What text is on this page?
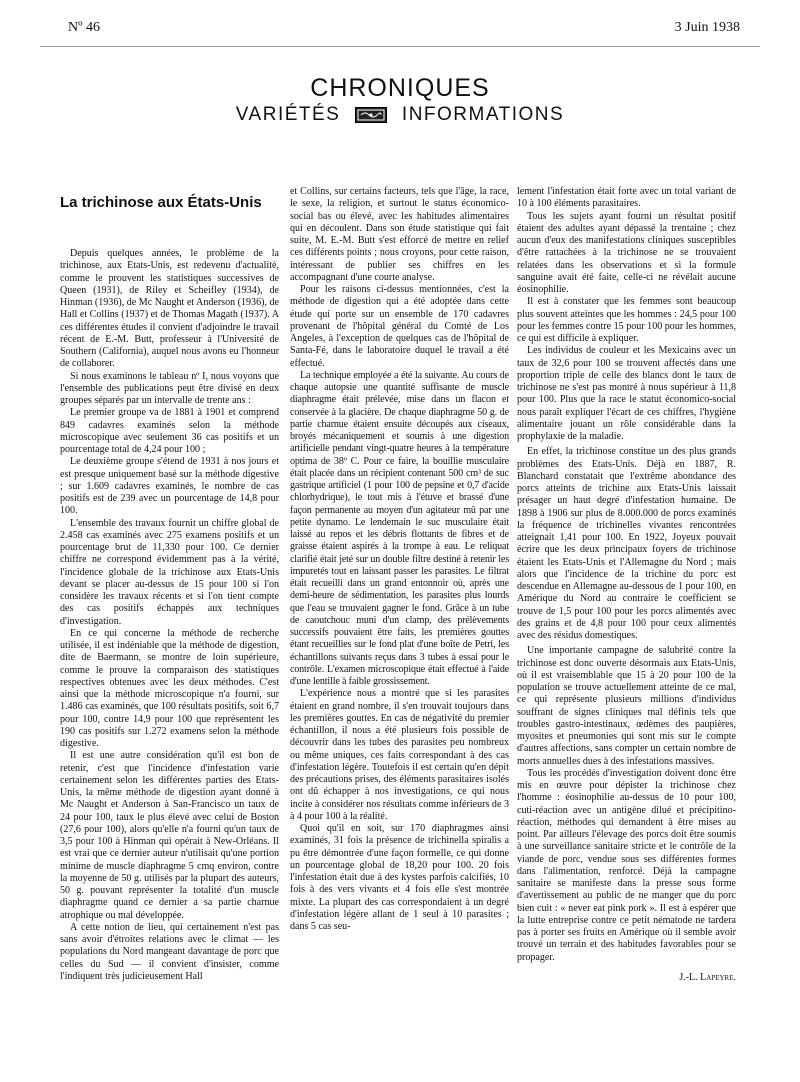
Nº 46	3 Juin 1938
CHRONIQUES
VARIÉTÉS	INFORMATIONS
La trichinose aux États-Unis

Depuis quelques années, le problème de la trichinose, aux Etats-Unis, est redevenu d'actualité, comme le prouvent les statistiques successives de Queen (1931), de Riley et Scheifley (1934), de Hinman (1936), de Mc Naught et Anderson (1936), de Hall et Collins (1937) et de Thomas Magath (1937). A ces différentes études il convient d'adjoindre le travail récent de E.-M. Butt, professeur à l'Université de Southern (California), auquel nous avons eu l'honneur de collaborer.

Si nous examinons le tableau nº I, nous voyons que l'ensemble des publications peut être divisé en deux groupes séparés par un intervalle de trente ans :

Le premier groupe va de 1881 à 1901 et comprend 849 cadavres examinés selon la méthode microscopique avec seulement 36 cas positifs et un pourcentage total de 4,24 pour 100 ;

Le deuxième groupe s'étend de 1931 à nos jours et est presque uniquement basé sur la méthode digestive ; sur 1.609 cadavres examinés, le nombre de cas positifs est de 239 avec un pourcentage de 14,8 pour 100.

L'ensemble des travaux fournit un chiffre global de 2.458 cas examinés avec 275 examens positifs et un pourcentage brut de 11,330 pour 100. Ce dernier chiffre ne correspond évidemment pas à la vérité, l'incidence globale de la trichinose aux Etats-Unis devant se placer au-dessus de 15 pour 100 si l'on considère les travaux récents et si l'on tient compte des cas positifs échappés aux techniques d'investigation.

En ce qui concerne la méthode de recherche utilisée, il est indéniable que la méthode de digestion, dite de Baermann, se montre de loin supérieure, comme le prouve la comparaison des statistiques respectives obtenues avec les deux méthodes. C'est ainsi que la méthode microscopique n'a fourni, sur 1.486 cas examinés, que 100 résultats positifs, soit 6,7 pour 100, contre 14,9 pour 100 que représentent les 190 cas positifs sur 1.272 examens selon la méthode digestive.

Il est une autre considération qu'il est bon de retenir, c'est que l'incidence d'infestation varie certainement selon les différentes parties des Etats-Unis, la même méthode de digestion ayant donné à Mc Naught et Anderson à San-Francisco un taux de 24 pour 100, taux le plus élevé avec celui de Boston (27,6 pour 100), alors qu'elle n'a fourni qu'un taux de 3,5 pour 100 à Hinman qui opérait à New-Orléans. Il est vrai que ce dernier auteur n'utilisait qu'une portion minime de muscle diaphragme 5 cmq environ, contre la moyenne de 50 g. utilisés par la plupart des auteurs, 50 g. pouvant représenter la totalité d'un muscle diaphragme quand ce dernier a sa partie charnue atrophique ou mal développée.

A cette notion de lieu, qui certainement n'est pas sans avoir d'étroites relations avec le climat — les populations du Nord mangeant davantage de porc que celles du Sud — il convient d'insister, comme l'indiquent très judicieusement Hall

et Collins, sur certains facteurs, tels que l'âge, la race, le sexe, la religion, et surtout le status économico-social bas ou élevé, avec les habitudes alimentaires qui en découlent. Dans son étude statistique qui fait suite, M. E.-M. Butt s'est efforcé de mettre en relief ces différents points ; nous croyons, pour cette raison, intéressant de publier ses chiffres en les accompagnant d'une courte analyse.

Pour les raisons ci-dessus mentionnées, c'est la méthode de digestion qui a été adoptée dans cette étude qui porte sur un ensemble de 170 cadavres provenant de l'hôpital général du Comté de Los Angeles, à l'exception de quelques cas de l'hôpital de Santa-Fé, dans le laboratoire duquel le travail a été effectué.

La technique employée a été la suivante. Au cours de chaque autopsie une quantité suffisante de muscle diaphragme était prélevée, mise dans un flacon et conservée à la glacière. De chaque diaphragme 50 g. de partie charnue étaient ensuite découpés aux ciseaux, broyés mécaniquement et soumis à une digestion artificielle pendant vingt-quatre heures à la température optima de 38º C. Pour ce faire, la bouillie musculaire était placée dans un récipient contenant 500 cm³ de suc gastrique artificiel (1 pour 100 de pepsine et 0,7 d'acide chlorhydrique), le tout mis à l'étuve et brassé d'une façon permanente au moyen d'un agitateur mû par une petite dynamo. Le lendemain le suc musculaire était laissé au repos et les débris flottants de fibres et de graisse étaient aspirés à la trompe à eau. Le reliquat clarifié était jeté sur un double filtre destiné à retenir les impuretés tout en laissant passer les parasites. Le filtrat était recueilli dans un grand entonnoir où, après une demi-heure de sédimentation, les parasites plus lourds que l'eau se trouvaient gagner le fond. Grâce à un tube de caoutchouc muni d'un clamp, des prélèvements successifs pouvaient être faits, les premières gouttes étant recueillies sur le fond plat d'une boîte de Petri, les échantillons suivants reçus dans 3 tubes à essai pour le contrôle. L'examen microscopique était effectué à l'aide d'une lentille à faible grossissement.

L'expérience nous a montré que si les parasites étaient en grand nombre, il s'en trouvait toujours dans les premières gouttes. En cas de négativité du premier échantillon, il nous a été plusieurs fois possible de découvrir dans les tubes des parasites peu nombreux ou même uniques, ces faits correspondant à des cas d'infestation légère. Toutefois il est certain qu'en dépit des précautions prises, des éléments parasitaires isolés ont dû échapper à nos investigations, ce qui nous incite à considérer nos résultats comme inférieurs de 3 à 4 pour 100 à la réalité.

Quoi qu'il en soit, sur 170 diaphragmes ainsi examinés, 31 fois la présence de trichinella spiralis a pu être démontrée d'une façon formelle, ce qui donne un pourcentage global de 18,20 pour 100. 20 fois l'infestation était due à des kystes parfois calcifiés, 10 fois à des vers vivants et 4 fois elle s'est montrée mixte. La plupart des cas correspondaient à un degré d'infestation légère allant de 1 seul à 10 parasites ; dans 5 cas seu-

lement l'infestation était forte avec un total variant de 10 à 100 éléments parasitaires.

Tous les sujets ayant fourni un résultat positif étaient des adultes ayant dépassé la trentaine ; chez aucun d'eux des manifestations cliniques susceptibles d'être rattachées à la trichinose ne se trouvaient relatées dans les observations et si la formule sanguine avait été faite, celle-ci ne révélait aucune éosinophilie.

Il est à constater que les femmes sont beaucoup plus souvent atteintes que les hommes : 24,5 pour 100 pour les femmes contre 15 pour 100 pour les hommes, ce qui est difficile à expliquer.

Les individus de couleur et les Mexicains avec un taux de 32,6 pour 100 se trouvent affectés dans une proportion triple de celle des blancs dont le taux de trichinose ne s'est pas montré à nous supérieur à 11,8 pour 100. Plus que la race le statut économico-social nous paraît expliquer l'écart de ces chiffres, l'hygiène alimentaire jouant un rôle considérable dans la prophylaxie de la maladie.

En effet, la trichinose constitue un des plus grands problèmes des Etats-Unis. Déjà en 1887, R. Blanchard constatait que l'extrême abondance des porcs atteints de trichine aux Etats-Unis laissait présager un haut degré d'infestation humaine. De 1898 à 1906 sur plus de 8.000.000 de porcs examinés la fréquence de trichinelles vivantes rencontrées atteignait 1,41 pour 100. En 1922, Joyeux pouvait écrire que les deux principaux foyers de trichinose étaient les Etats-Unis et l'Allemagne du Nord ; mais alors que l'incidence de la trichine du porc est descendue en Allemagne au-dessous de 1 pour 100, en Amérique du Nord au contraire le coefficient se trouve de 1,5 pour 100 pour les porcs alimentés avec des grains et de 4,8 pour 100 pour ceux alimentés avec des résidus domestiques.

Une importante campagne de salubrité contre la trichinose est donc ouverte désormais aux Etats-Unis, où il est vraisemblable que 15 à 20 pour 100 de la population se trouve actuellement atteinte de ce mal, ce qui représente plusieurs millions d'individus souffrant de signes cliniques mal définis tels que troubles gastro-intestinaux, œdèmes des paupières, myosites et pneumonies qui sont mis sur le compte d'autres affections, sans compter un certain nombre de morts annuelles dues à des infestations massives.

Tous les procédés d'investigation doivent donc être mis en œuvre pour dépister la trichinose chez l'homme : éosinophilie au-dessus de 10 pour 100, cuti-réaction avec un antigène dilué et précipitino-réaction, méthodes qui demandent à être mises au point. Par ailleurs l'élevage des porcs doit être soumis à une surveillance sanitaire stricte et le contrôle de la viande de porc, vendue sous ses différentes formes dans l'alimentation, renforcé. Déjà la campagne sanitaire se manifeste dans la presse sous forme d'avertissement au public de ne manger que du porc bien cuit : « never eat pink pork ». Il est à espérer que la lutte entreprise contre ce petit nématode ne tardera pas à porter ses fruits en Amérique où il semble avoir trouvé un terrain et des habitudes favorables pour se propager.

J.-L. Lapeyre.
